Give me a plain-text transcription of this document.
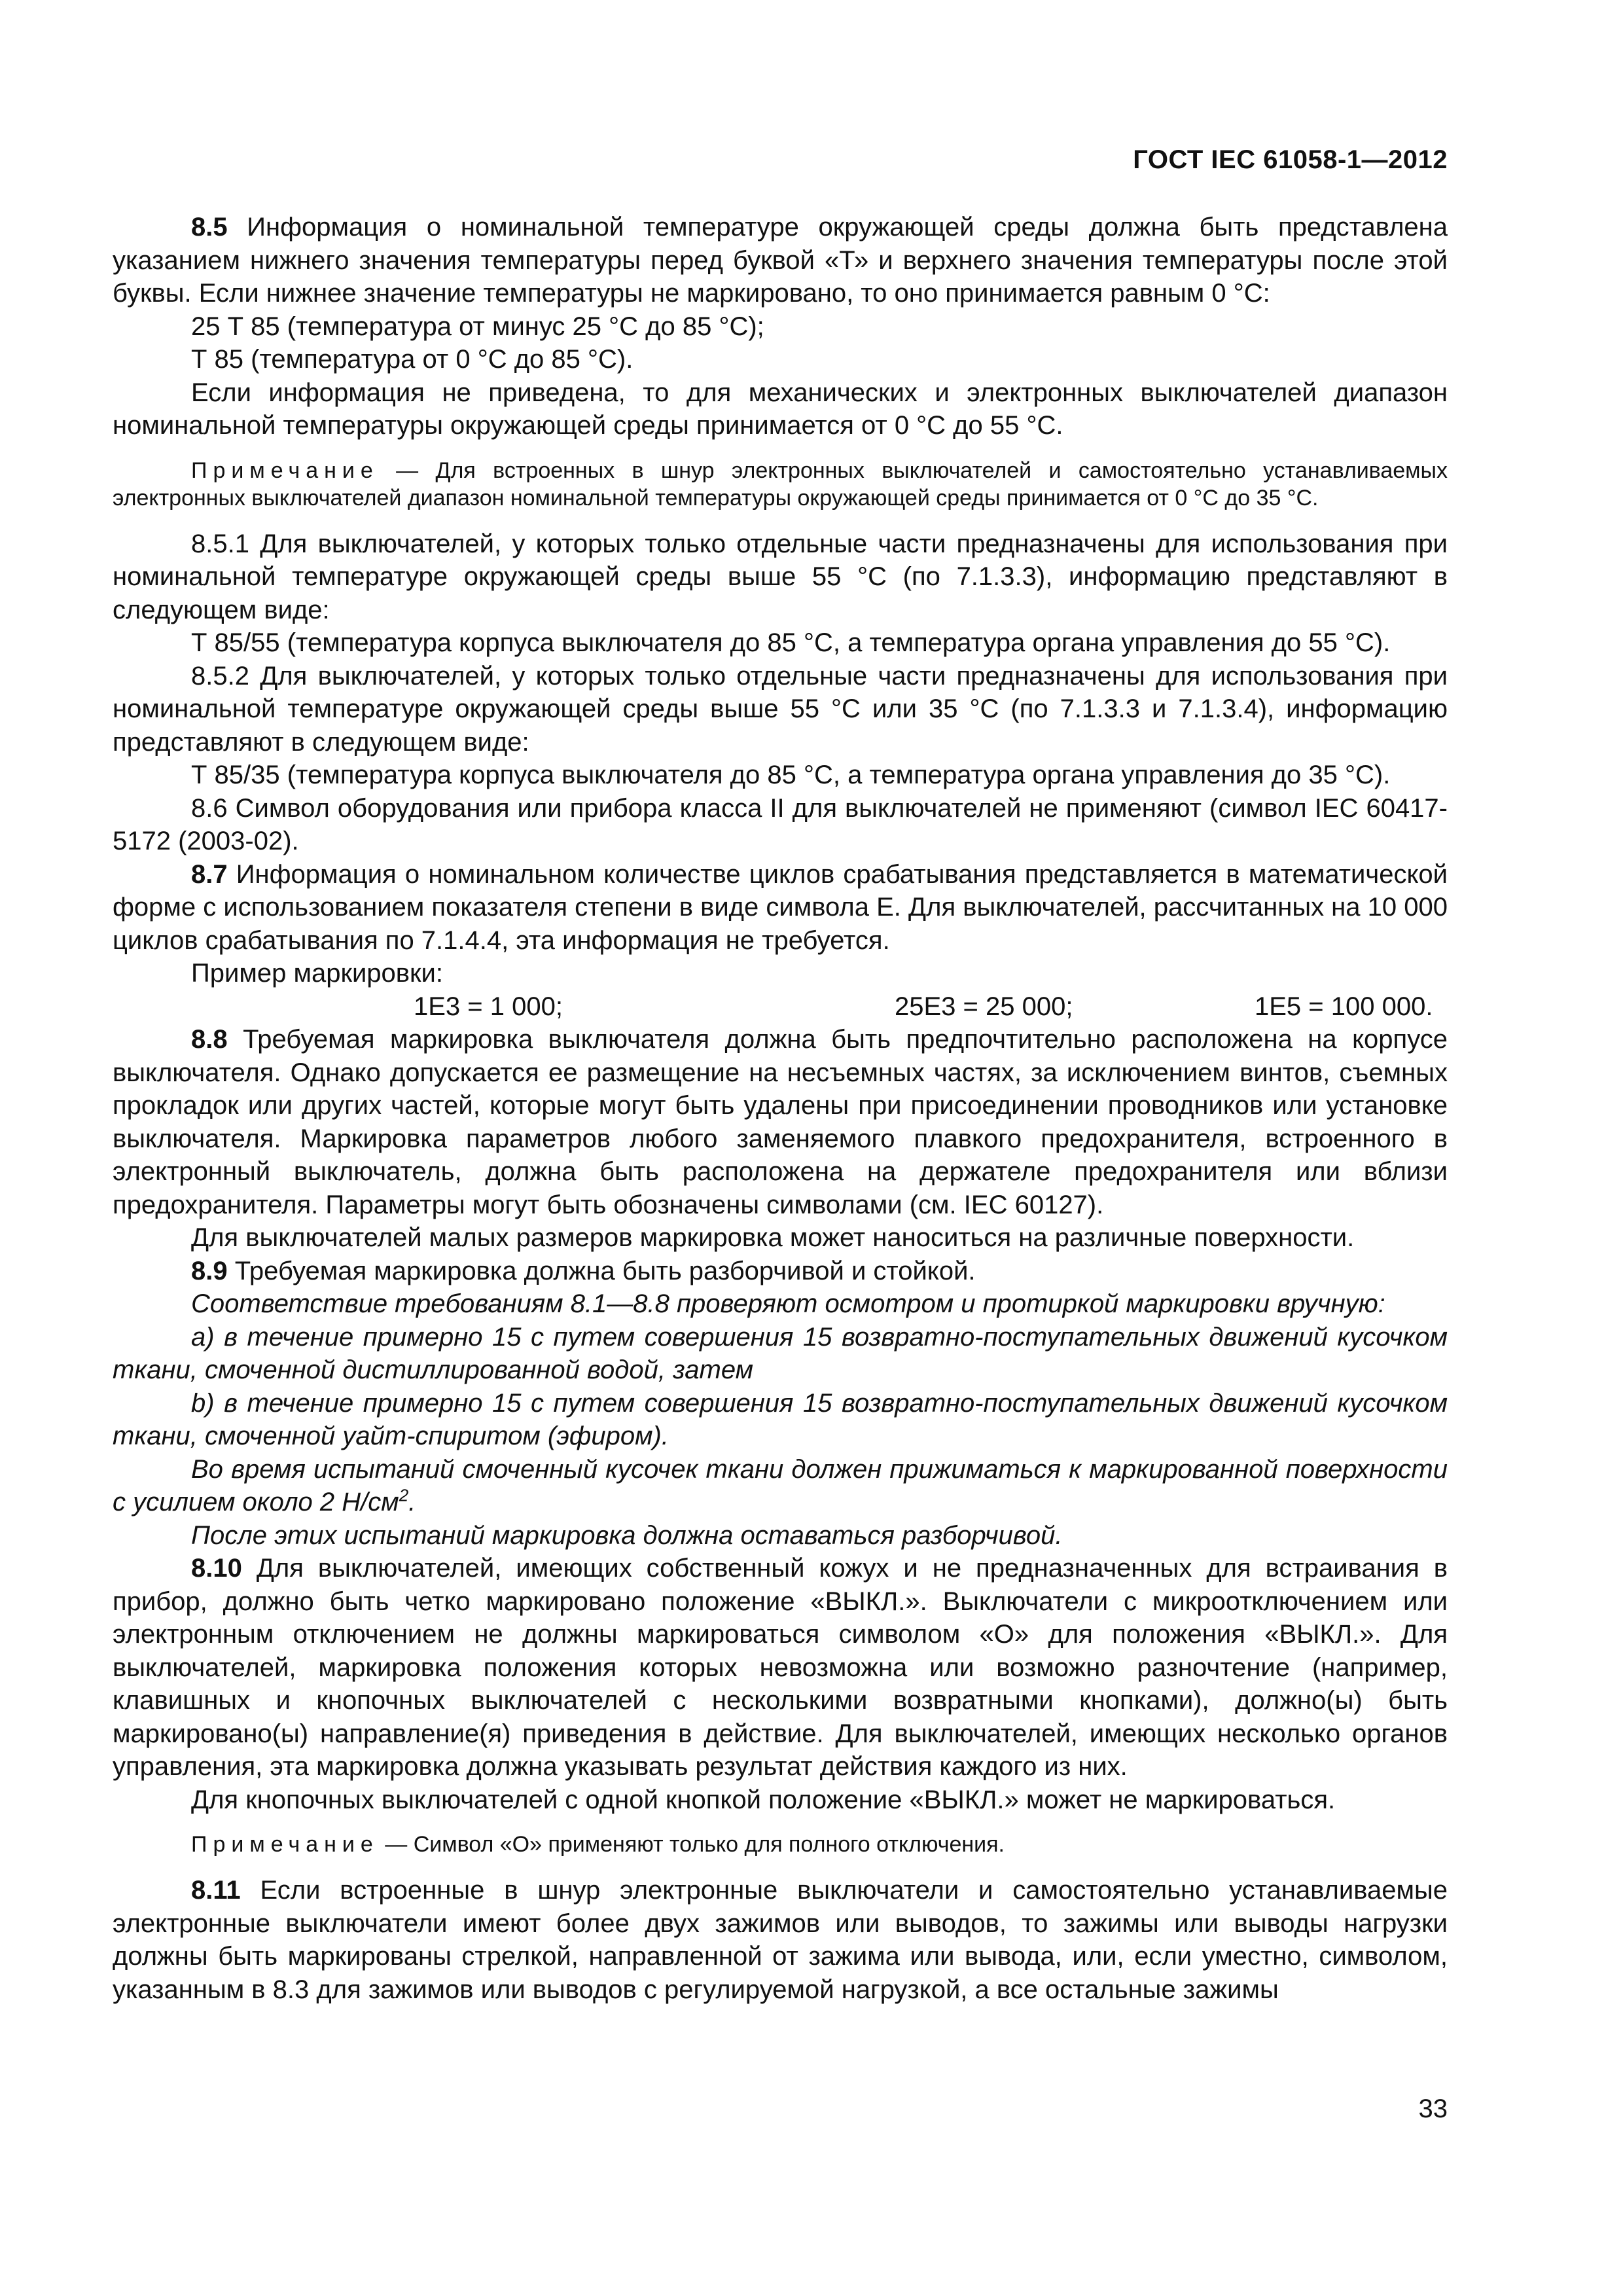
ГОСТ IEC 61058-1—2012

8.5 Информация о номинальной температуре окружающей среды должна быть представлена указанием нижнего значения температуры перед буквой «Т» и верхнего значения температуры после этой буквы. Если нижнее значение температуры не маркировано, то оно принимается равным 0 °С:

25 Т 85 (температура от минус 25 °С до 85 °С);

Т 85 (температура от 0 °С до 85 °С).

Если информация не приведена, то для механических и электронных выключателей диапазон номинальной температуры окружающей среды принимается от 0 °С до 55 °С.

Примечание — Для встроенных в шнур электронных выключателей и самостоятельно устанавливаемых электронных выключателей диапазон номинальной температуры окружающей среды принимается от 0 °С до 35 °С.

8.5.1 Для выключателей, у которых только отдельные части предназначены для использования при номинальной температуре окружающей среды выше 55 °С (по 7.1.3.3), информацию представляют в следующем виде:

Т 85/55 (температура корпуса выключателя до 85 °С, а температура органа управления до 55 °С).

8.5.2 Для выключателей, у которых только отдельные части предназначены для использования при номинальной температуре окружающей среды выше 55 °С или 35 °С (по 7.1.3.3 и 7.1.3.4), информацию представляют в следующем виде:

Т 85/35 (температура корпуса выключателя до 85 °С, а температура органа управления до 35 °С).

8.6 Символ оборудования или прибора класса II для выключателей не применяют (символ IEC 60417-5172 (2003-02).

8.7 Информация о номинальном количестве циклов срабатывания представляется в математической форме с использованием показателя степени в виде символа Е. Для выключателей, рассчитанных на 10 000 циклов срабатывания по 7.1.4.4, эта информация не требуется.

Пример маркировки:

1Е3 = 1 000;	25Е3 = 25 000;	1Е5 = 100 000.

8.8 Требуемая маркировка выключателя должна быть предпочтительно расположена на корпусе выключателя. Однако допускается ее размещение на несъемных частях, за исключением винтов, съемных прокладок или других частей, которые могут быть удалены при присоединении проводников или установке выключателя. Маркировка параметров любого заменяемого плавкого предохранителя, встроенного в электронный выключатель, должна быть расположена на держателе предохранителя или вблизи предохранителя. Параметры могут быть обозначены символами (см. IEC 60127).

Для выключателей малых размеров маркировка может наноситься на различные поверхности.

8.9 Требуемая маркировка должна быть разборчивой и стойкой.

Соответствие требованиям 8.1—8.8 проверяют осмотром и протиркой маркировки вручную:

a) в течение примерно 15 с путем совершения 15 возвратно-поступательных движений кусочком ткани, смоченной дистиллированной водой, затем

b) в течение примерно 15 с путем совершения 15 возвратно-поступательных движений кусочком ткани, смоченной уайт-спиритом (эфиром).

Во время испытаний смоченный кусочек ткани должен прижиматься к маркированной поверхности с усилием около 2 $Н/см^2$.

После этих испытаний маркировка должна оставаться разборчивой.

8.10 Для выключателей, имеющих собственный кожух и не предназначенных для встраивания в прибор, должно быть четко маркировано положение «ВЫКЛ.». Выключатели с микроотключением или электронным отключением не должны маркироваться символом «О» для положения «ВЫКЛ.». Для выключателей, маркировка положения которых невозможна или возможно разночтение (например, клавишных и кнопочных выключателей с несколькими возвратными кнопками), должно(ы) быть маркировано(ы) направление(я) приведения в действие. Для выключателей, имеющих несколько органов управления, эта маркировка должна указывать результат действия каждого из них.

Для кнопочных выключателей с одной кнопкой положение «ВЫКЛ.» может не маркироваться.

Примечание — Символ «О» применяют только для полного отключения.

8.11 Если встроенные в шнур электронные выключатели и самостоятельно устанавливаемые электронные выключатели имеют более двух зажимов или выводов, то зажимы или выводы нагрузки должны быть маркированы стрелкой, направленной от зажима или вывода, или, если уместно, символом, указанным в 8.3 для зажимов или выводов с регулируемой нагрузкой, а все остальные зажимы

33
